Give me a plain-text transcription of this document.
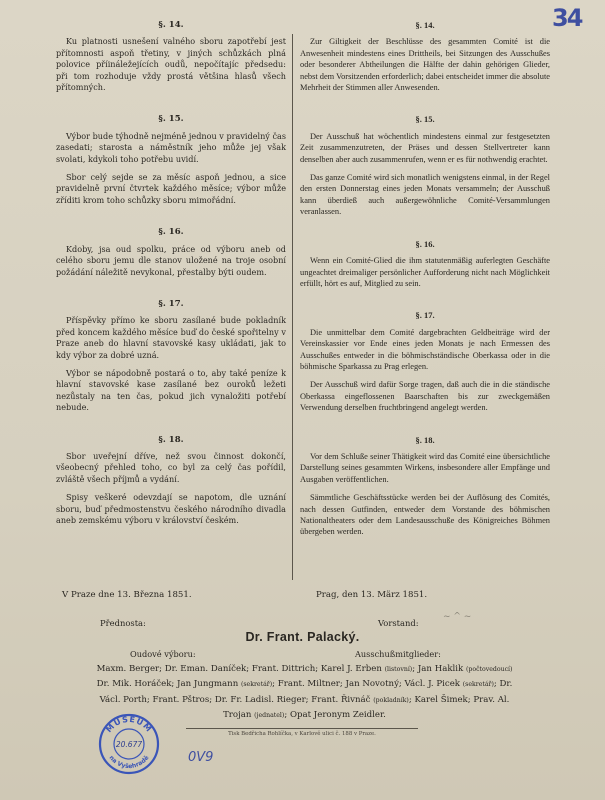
34
§. 14.

Ku platnosti usnešení valného sboru zapotřebí jest přítomnosti aspoň třetiny, v jiných schůzkách plná polovice příináležejících oudů, nepočítajíc předsedu: při tom rozhoduje vždy prostá většina hlasů všech přítomných.

§. 15.

Výbor bude týhodně nejméně jednou v pravidelný čas zasedati; starosta a náměstník jeho může jej však svolati, kdykoli toho potřebu uvidí.

Sbor celý sejde se za měsíc aspoň jednou, a sice pravidelně první čtvrtek každého měsíce; výbor může zříditi krom toho schůzky sboru mimořádní.

§. 16.

Kdoby, jsa oud spolku, práce od výboru aneb od celého sboru jemu dle stanov uložené na troje osobní požádání náležitě nevykonal, přestalby býti oudem.

§. 17.

Příspěvky přímo ke sboru zasílané bude pokladník před koncem každého měsíce buď do české spořitelny v Praze aneb do hlavní stavovské kasy ukládati, jak to kdy výbor za dobré uzná.

Výbor se nápodobně postará o to, aby také peníze k hlavní stavovské kase zasílané bez ouroků ležeti nezůstaly na ten čas, pokud jich vynaložiti potřebí nebude.

§. 18.

Sbor uveřejní dříve, než svou činnost dokončí, všeobecný přehled toho, co byl za celý čas pořídil, zvláště všech příjmů a vydání.

Spisy veškeré odevzdají se napotom, dle uznání sboru, buď předmostenstvu českého národního divadla aneb zemskému výboru v království českém.

§. 14.

Zur Giltigkeit der Beschlüsse des gesammten Comité ist die Anwesenheit mindestens eines Drittheils, bei Sitzungen des Ausschußes oder besonderer Abtheilungen die Hälfte der dahin gehörigen Glieder, nebst dem Vorsitzenden erforderlich; dabei entscheidet immer die absolute Mehrheit der Stimmen aller Anwesenden.

§. 15.

Der Ausschuß hat wöchentlich mindestens einmal zur festgesetzten Zeit zusammenzutreten, der Präses und dessen Stellvertreter kann denselben aber auch zusammenrufen, wenn er es für nothwendig erachtet.

Das ganze Comité wird sich monatlich wenigstens einmal, in der Regel den ersten Donnerstag eines jeden Monats versammeln; der Ausschuß kann überdieß auch außergewöhnliche Comité-Versammlungen veranlassen.

§. 16.

Wenn ein Comité-Glied die ihm statutenmäßig auferlegten Geschäfte ungeachtet dreimaliger persönlicher Aufforderung nicht nach Möglichkeit erfüllt, hört es auf, Mitglied zu sein.

§. 17.

Die unmittelbar dem Comité dargebrachten Geldbeiträge wird der Vereinskassier vor Ende eines jeden Monats je nach Ermessen des Ausschußes entweder in die böhmischständische Oberkassa oder in die böhmische Sparkassa zu Prag erlegen.

Der Ausschuß wird dafür Sorge tragen, daß auch die in die ständische Oberkassa eingeflossenen Baarschaften bis zur zweckgemäßen Verwendung derselben fruchtbringend angelegt werden.

§. 18.

Vor dem Schluße seiner Thätigkeit wird das Comité eine übersichtliche Darstellung seines gesammten Wirkens, insbesondere aller Empfänge und Ausgaben veröffentlichen.

Sämmtliche Geschäftsstücke werden bei der Auflösung des Comités, nach dessen Gutfinden, entweder dem Vorstande des böhmischen Nationaltheaters oder dem Landesausschuße des Königreiches Böhmen übergeben werden.

V Praze dne 13. Března 1851.	Prag, den 13. März 1851.
Přednosta:	Vorstand:
~ ^ ~
Dr. Frant. Palacký.
Oudové výboru:	Ausschußmitglieder:
Maxm. Berger; Dr. Eman. Daníček; Frant. Dittrich; Karel J. Erben (listovní); Jan Haklik (počtovedoucí)
Dr. Mik. Horáček; Jan Jungmann (sekretář); Frant. Miltner; Jan Novotný; Václ. J. Picek (sekretář); Dr.
Václ. Porth; Frant. Pštros; Dr. Fr. Ladisl. Rieger; Frant. Řivnáč (pokladník); Karel Šimek; Prav. Al.
Trojan (jednatel); Opat Jeronym Zeidler.
Tisk Bedřicha Rohlíčka, v Karlově ulici č. 188 v Praze.
MUSEUM
na Vyšehradě
20.677
0V9
